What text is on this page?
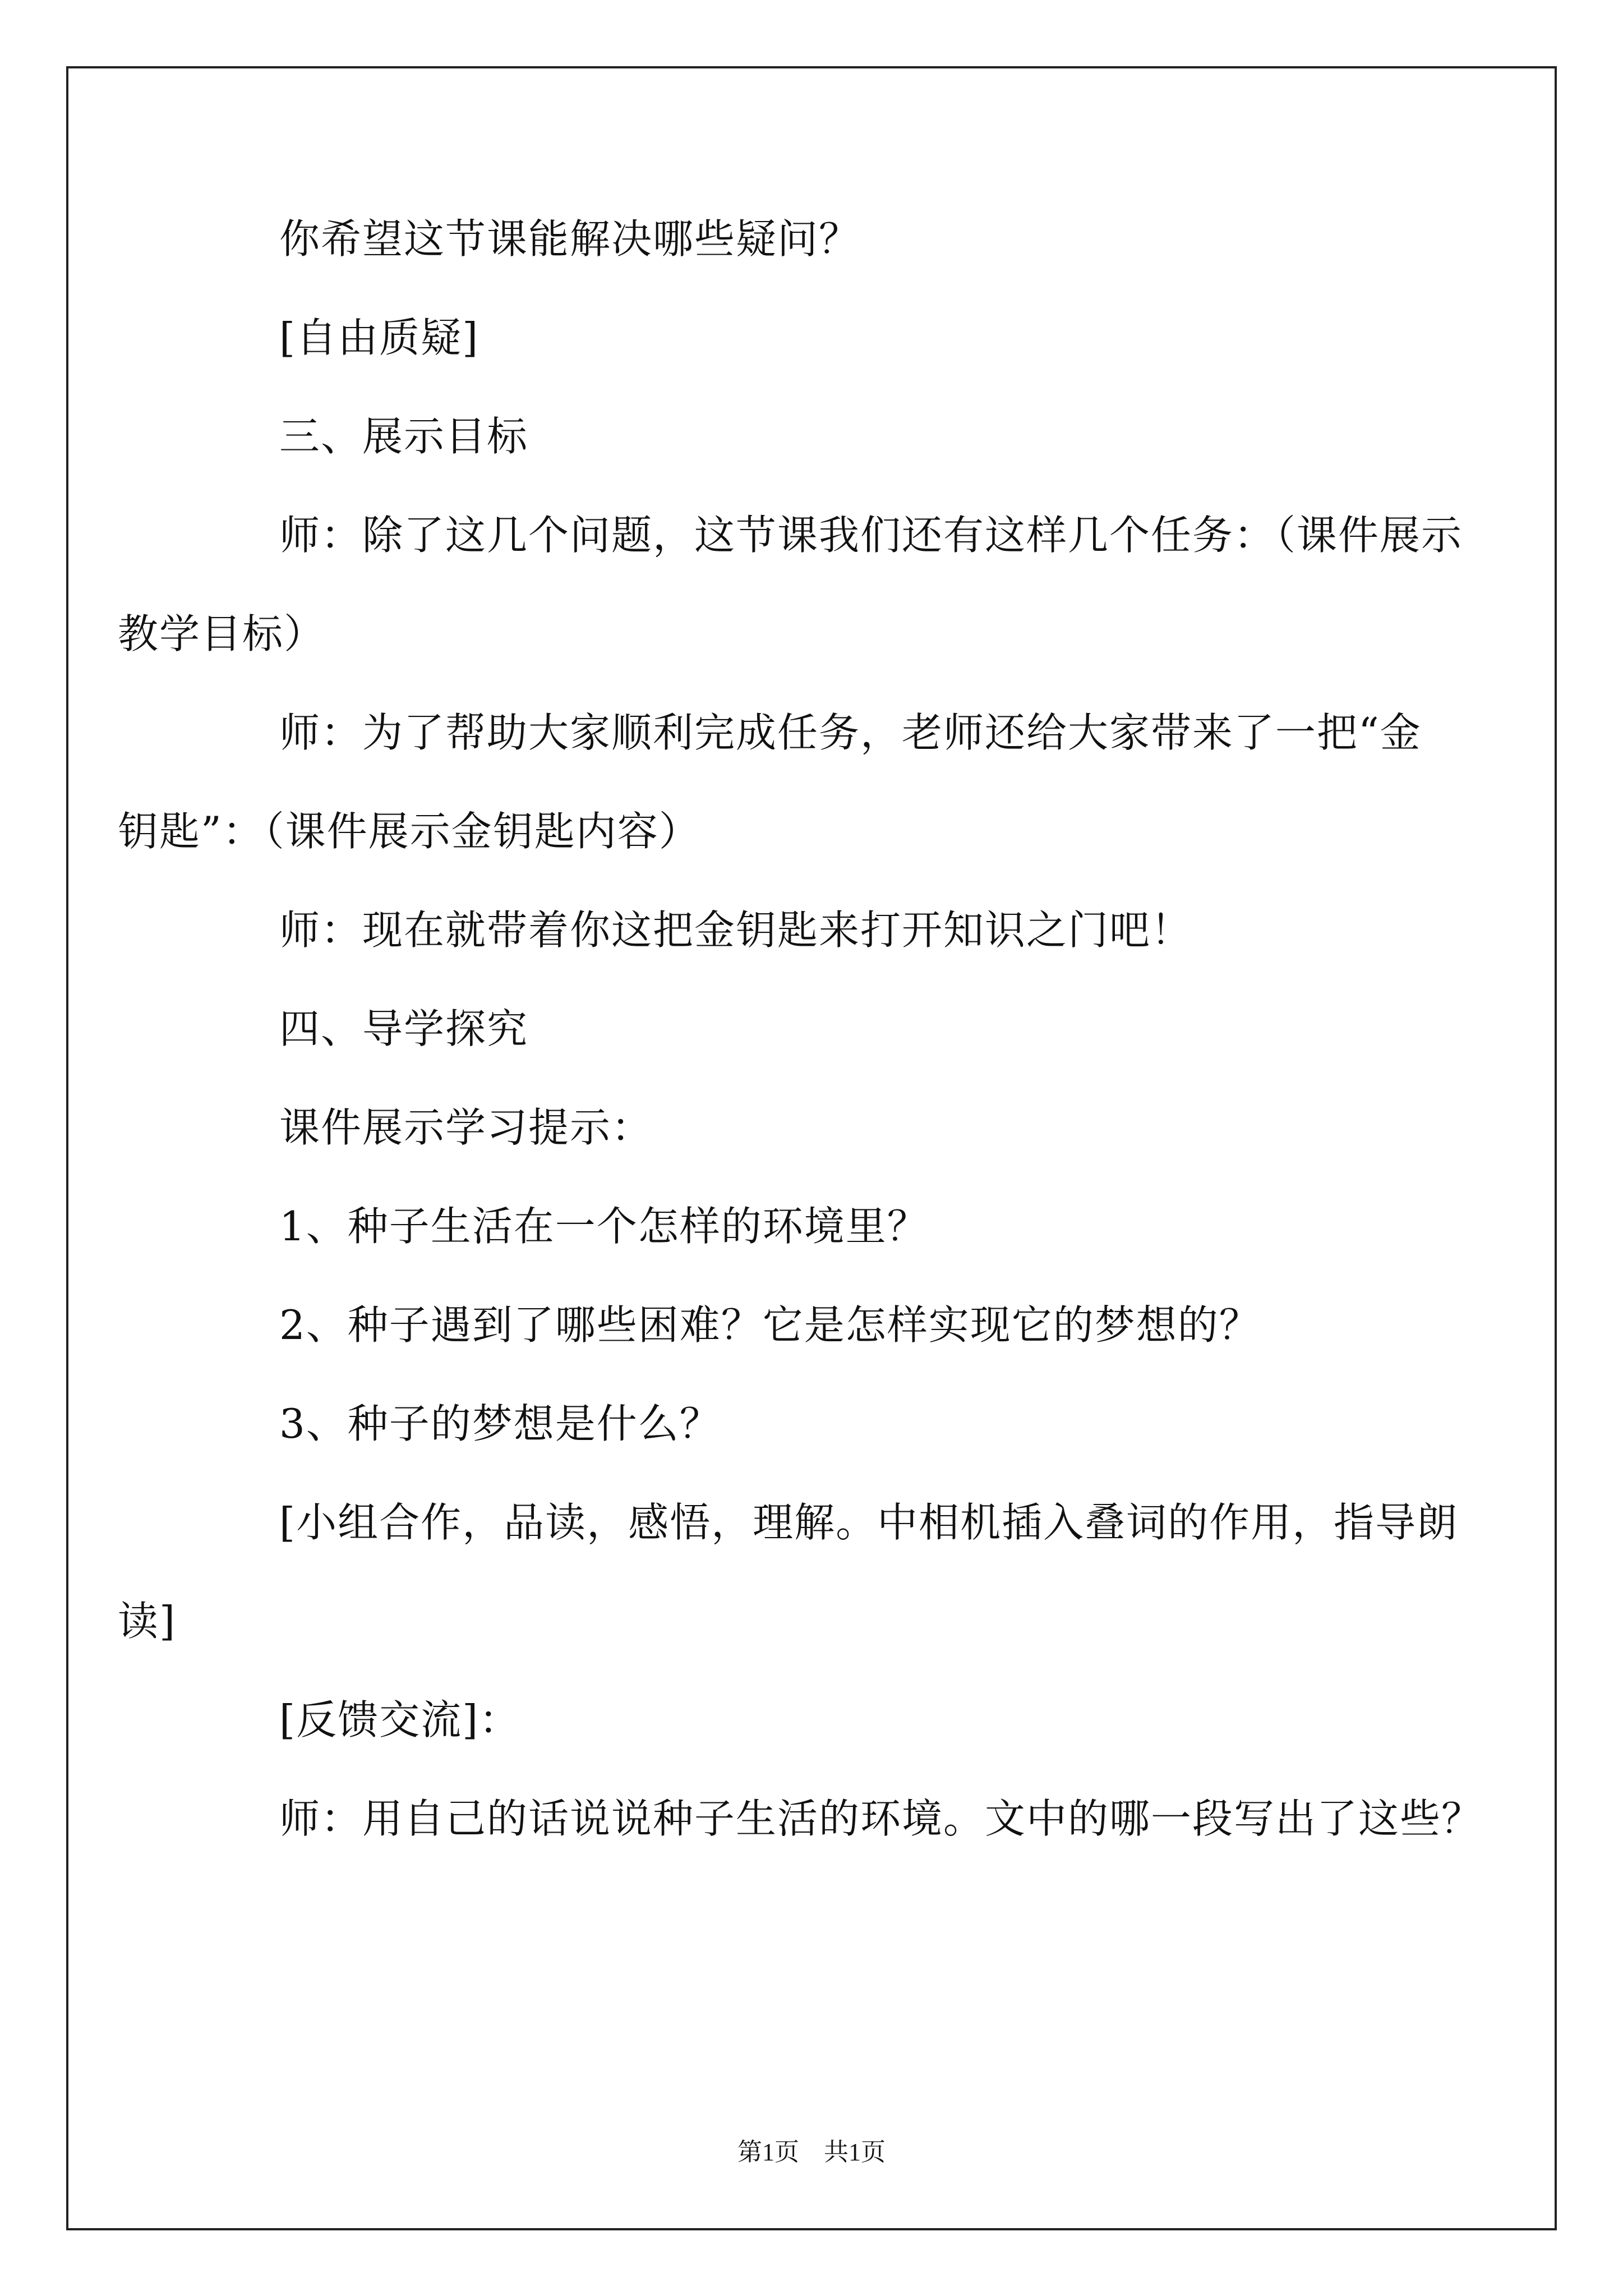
你希望这节课能解决哪些疑问？

[自由质疑]

三、展示目标

师：除了这几个问题，这节课我们还有这样几个任务：（课件展示
教学目标）
师：为了帮助大家顺利完成任务，老师还给大家带来了一把“金
钥匙”：（课件展示金钥匙内容）

师：现在就带着你这把金钥匙来打开知识之门吧！

四、导学探究

课件展示学习提示：

1、种子生活在一个怎样的环境里？

2、种子遇到了哪些困难？它是怎样实现它的梦想的？

3、种子的梦想是什么？

[小组合作，品读，感悟，理解。中相机插入叠词的作用，指导朗
读]

[反馈交流]：

师：用自己的话说说种子生活的环境。文中的哪一段写出了这些？

第1页　共1页
